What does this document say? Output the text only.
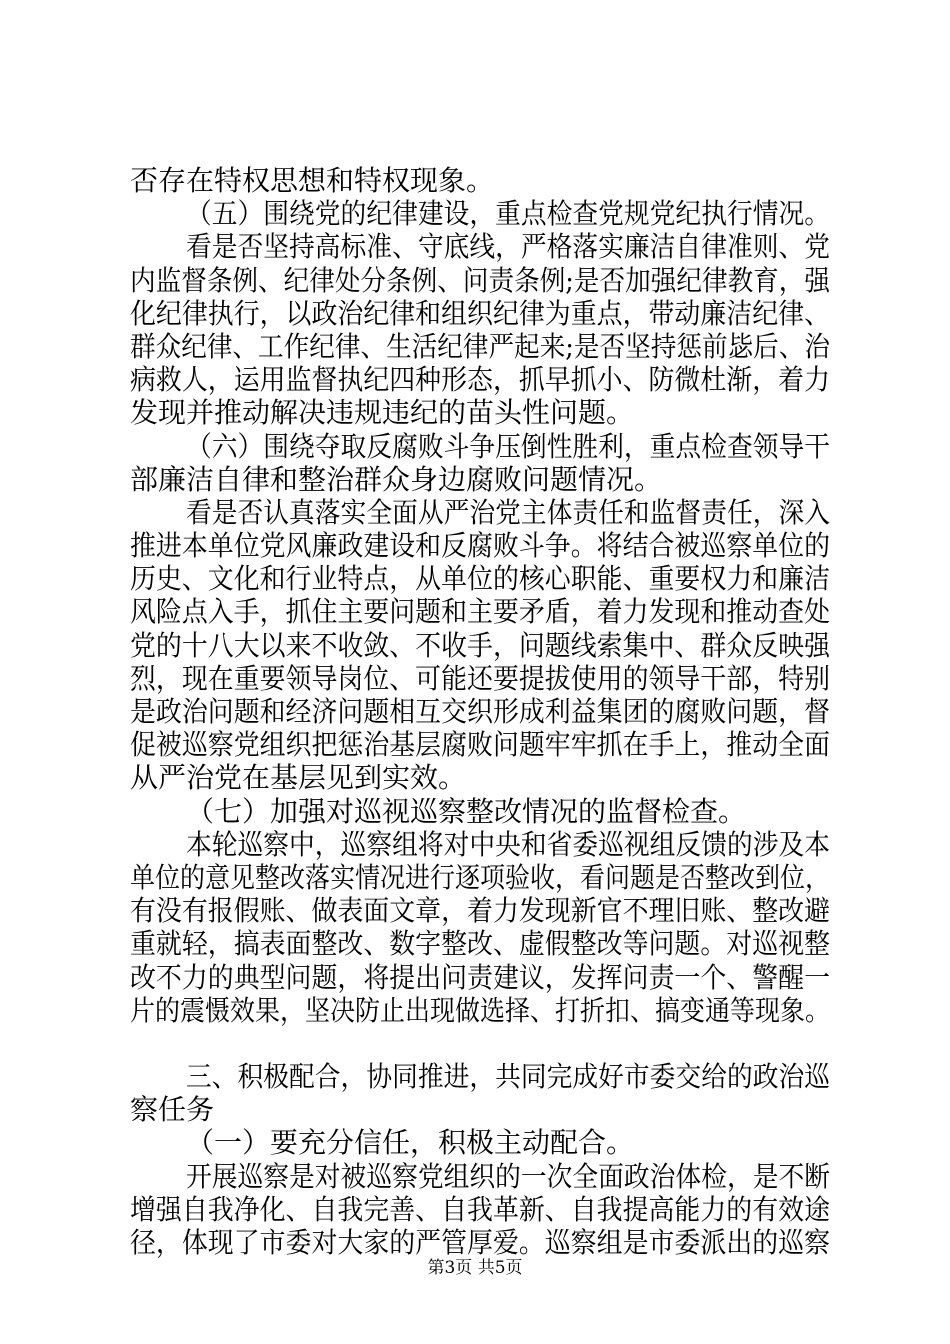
否存在特权思想和特权现象。
（五）围绕党的纪律建设，重点检查党规党纪执行情况。
看是否坚持高标准、守底线，严格落实廉洁自律准则、党
内监督条例、纪律处分条例、问责条例;是否加强纪律教育，强
化纪律执行，以政治纪律和组织纪律为重点，带动廉洁纪律、
群众纪律、工作纪律、生活纪律严起来;是否坚持惩前毖后、治
病救人，运用监督执纪四种形态，抓早抓小、防微杜渐，着力
发现并推动解决违规违纪的苗头性问题。
（六）围绕夺取反腐败斗争压倒性胜利，重点检查领导干
部廉洁自律和整治群众身边腐败问题情况。
看是否认真落实全面从严治党主体责任和监督责任，深入
推进本单位党风廉政建设和反腐败斗争。将结合被巡察单位的
历史、文化和行业特点，从单位的核心职能、重要权力和廉洁
风险点入手，抓住主要问题和主要矛盾，着力发现和推动查处
党的十八大以来不收敛、不收手，问题线索集中、群众反映强
烈，现在重要领导岗位、可能还要提拔使用的领导干部，特别
是政治问题和经济问题相互交织形成利益集团的腐败问题，督
促被巡察党组织把惩治基层腐败问题牢牢抓在手上，推动全面
从严治党在基层见到实效。
（七）加强对巡视巡察整改情况的监督检查。
本轮巡察中，巡察组将对中央和省委巡视组反馈的涉及本
单位的意见整改落实情况进行逐项验收，看问题是否整改到位，
有没有报假账、做表面文章，着力发现新官不理旧账、整改避
重就轻，搞表面整改、数字整改、虚假整改等问题。对巡视整
改不力的典型问题，将提出问责建议，发挥问责一个、警醒一
片的震慑效果，坚决防止出现做选择、打折扣、搞变通等现象。
三、积极配合，协同推进，共同完成好市委交给的政治巡
察任务
（一）要充分信任，积极主动配合。
开展巡察是对被巡察党组织的一次全面政治体检，是不断
增强自我净化、自我完善、自我革新、自我提高能力的有效途
径，体现了市委对大家的严管厚爱。巡察组是市委派出的巡察
第3页 共5页
